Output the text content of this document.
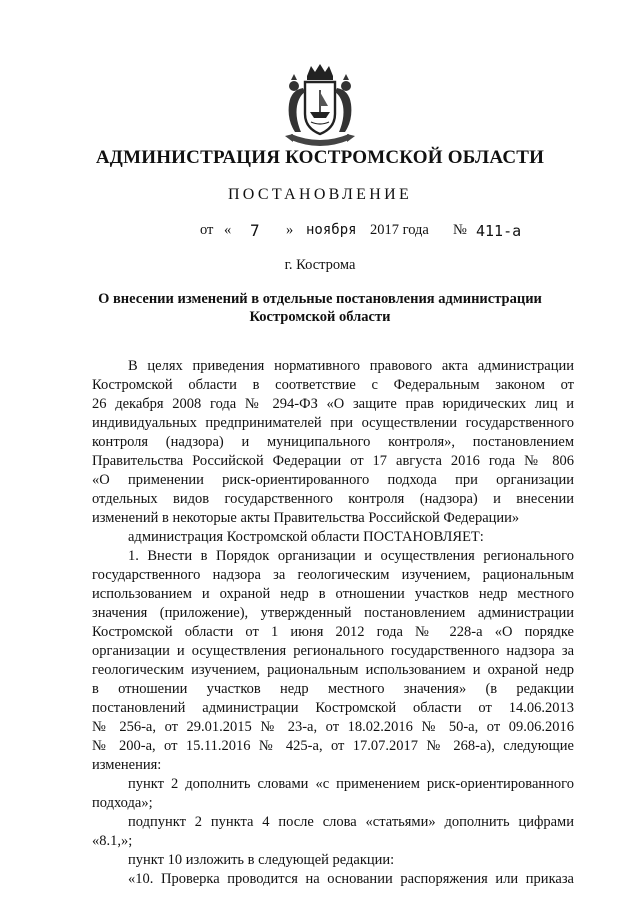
АДМИНИСТРАЦИЯ КОСТРОМСКОЙ ОБЛАСТИ
ПОСТАНОВЛЕНИЕ
от « 7 » ноября 2017 года № 411-а
г. Кострома
О внесении изменений в отдельные постановления администрации
Костромской области
В целях приведения нормативного правового акта администрации
Костромской области в соответствие с Федеральным законом от
26 декабря 2008 года № 294-ФЗ «О защите прав юридических лиц и
индивидуальных предпринимателей при осуществлении государственного
контроля (надзора) и муниципального контроля», постановлением
Правительства Российской Федерации от 17 августа 2016 года № 806
«О применении риск-ориентированного подхода при организации
отдельных видов государственного контроля (надзора) и внесении
изменений в некоторые акты Правительства Российской Федерации»
администрация Костромской области ПОСТАНОВЛЯЕТ:
1. Внести в Порядок организации и осуществления регионального
государственного надзора за геологическим изучением, рациональным
использованием и охраной недр в отношении участков недр местного
значения (приложение), утвержденный постановлением администрации
Костромской области от 1 июня 2012 года № 228-а «О порядке
организации и осуществления регионального государственного надзора за
геологическим изучением, рациональным использованием и охраной недр
в отношении участков недр местного значения» (в редакции
постановлений администрации Костромской области от 14.06.2013
№ 256-а, от 29.01.2015 № 23-а, от 18.02.2016 № 50-а, от 09.06.2016
№ 200-а, от 15.11.2016 № 425-а, от 17.07.2017 № 268-а), следующие
изменения:
пункт 2 дополнить словами «с применением риск-ориентированного
подхода»;
подпункт 2 пункта 4 после слова «статьями» дополнить цифрами
«8.1,»;
пункт 10 изложить в следующей редакции:
«10. Проверка проводится на основании распоряжения или приказа
